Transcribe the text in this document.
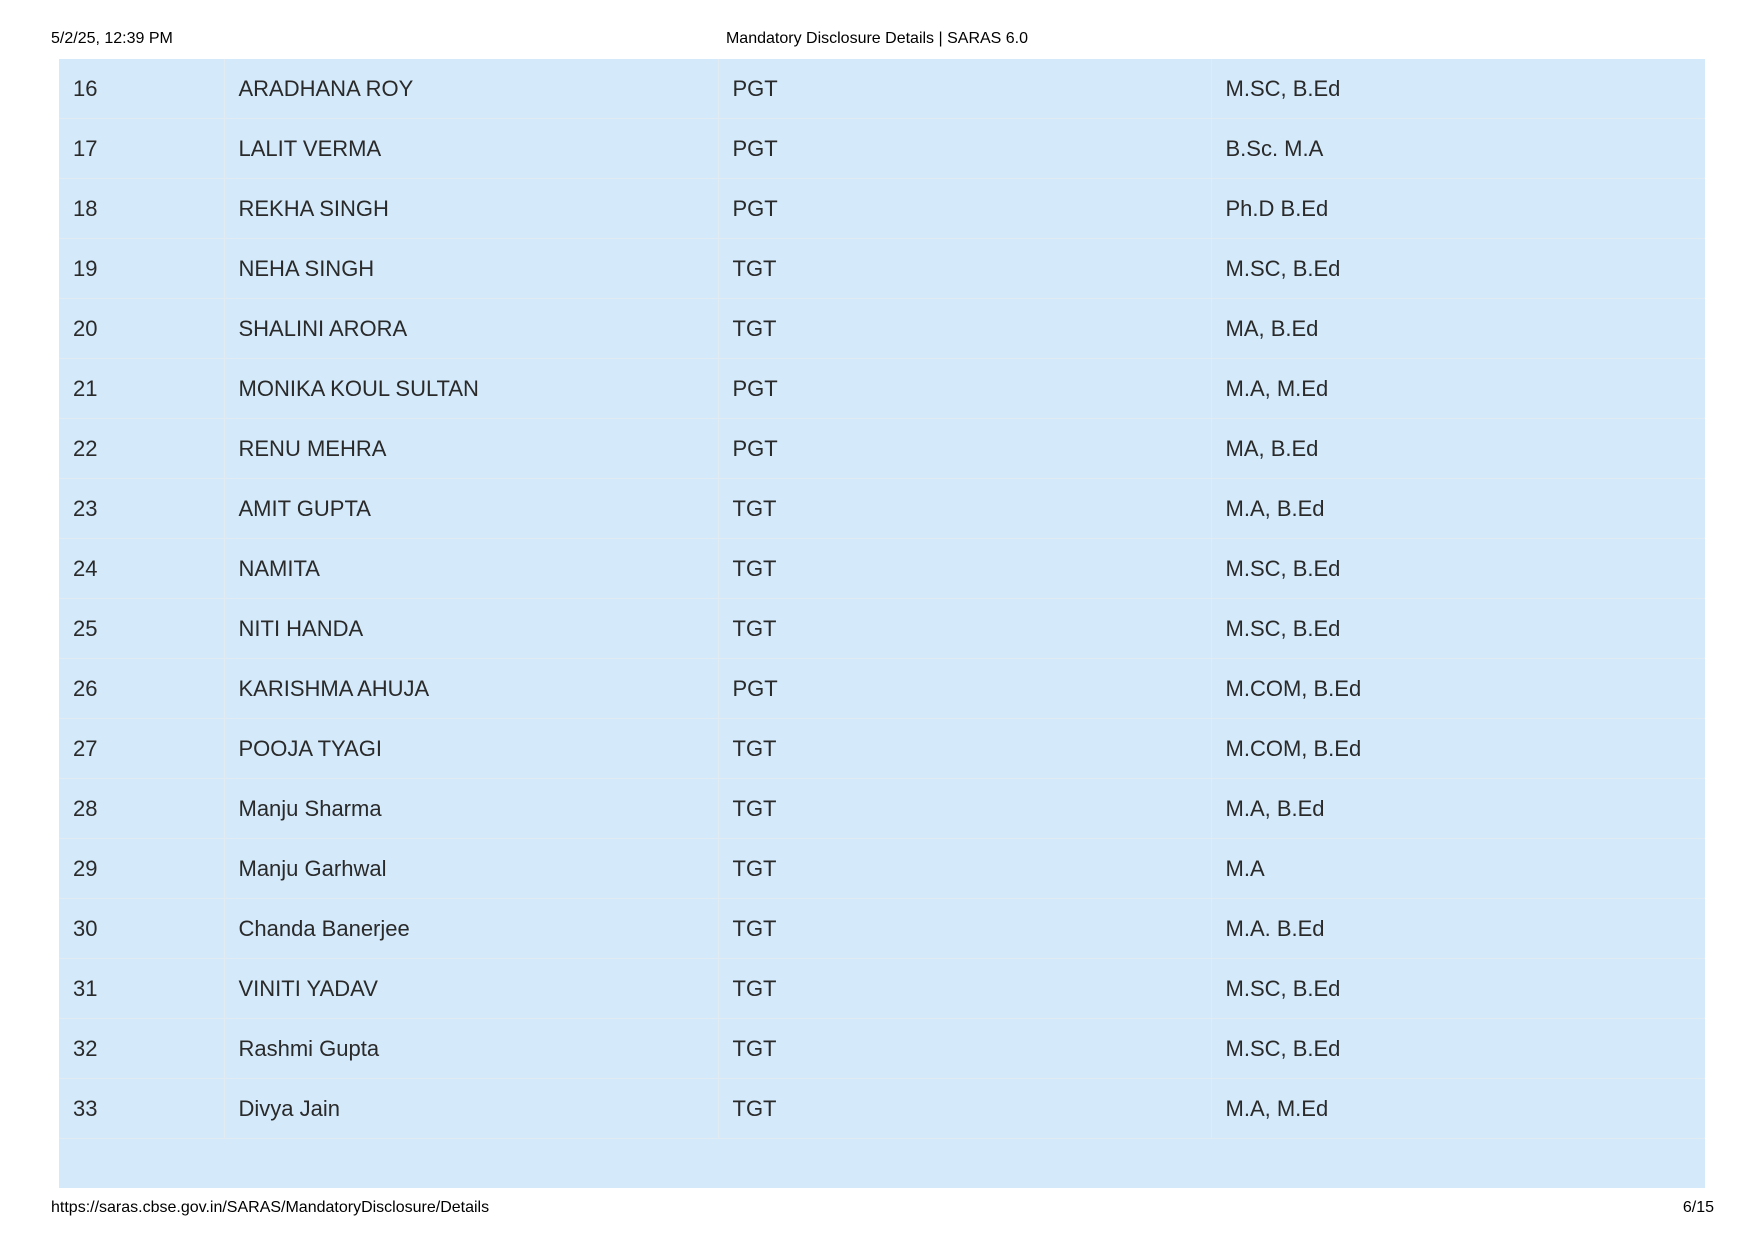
5/2/25, 12:39 PM	Mandatory Disclosure Details | SARAS 6.0
16	ARADHANA ROY	PGT	M.SC, B.Ed
17	LALIT VERMA	PGT	B.Sc. M.A
18	REKHA SINGH	PGT	Ph.D B.Ed
19	NEHA SINGH	TGT	M.SC, B.Ed
20	SHALINI ARORA	TGT	MA, B.Ed
21	MONIKA KOUL SULTAN	PGT	M.A, M.Ed
22	RENU MEHRA	PGT	MA, B.Ed
23	AMIT GUPTA	TGT	M.A, B.Ed
24	NAMITA	TGT	M.SC, B.Ed
25	NITI HANDA	TGT	M.SC, B.Ed
26	KARISHMA AHUJA	PGT	M.COM, B.Ed
27	POOJA TYAGI	TGT	M.COM, B.Ed
28	Manju Sharma	TGT	M.A, B.Ed
29	Manju Garhwal	TGT	M.A
30	Chanda Banerjee	TGT	M.A. B.Ed
31	VINITI YADAV	TGT	M.SC, B.Ed
32	Rashmi Gupta	TGT	M.SC, B.Ed
33	Divya Jain	TGT	M.A, M.Ed
https://saras.cbse.gov.in/SARAS/MandatoryDisclosure/Details	6/15
